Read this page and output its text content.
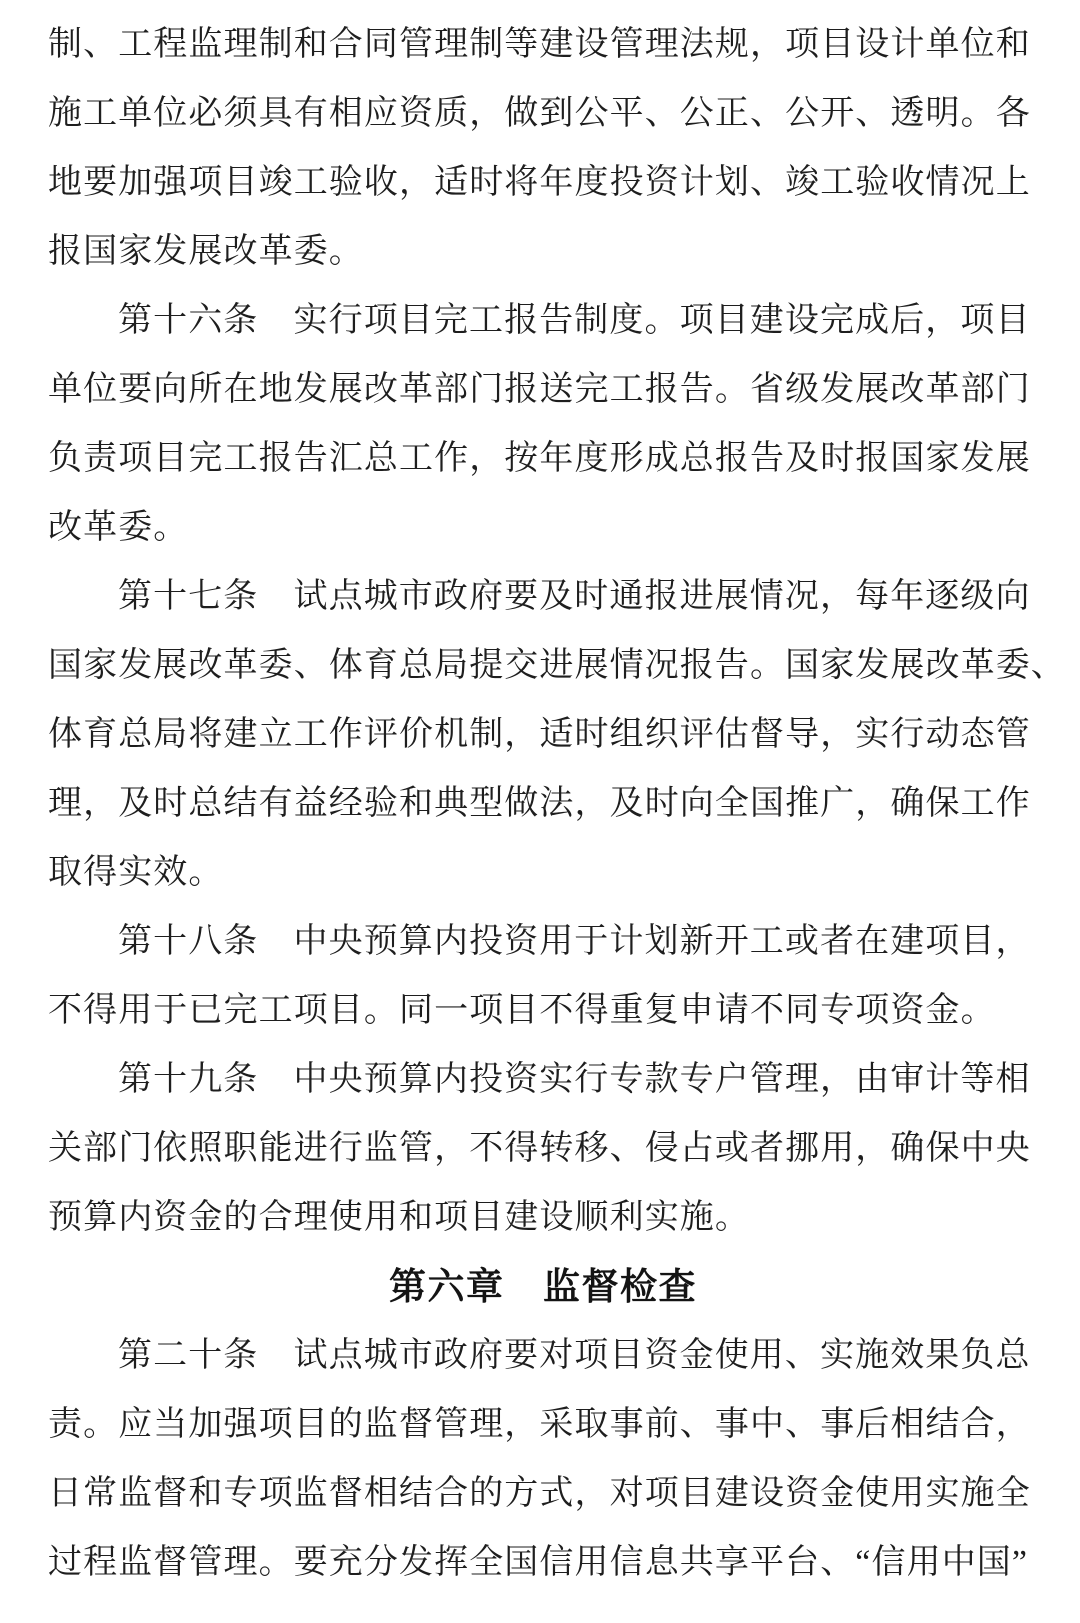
制、工程监理制和合同管理制等建设管理法规，项目设计单位和
施工单位必须具有相应资质，做到公平、公正、公开、透明。各
地要加强项目竣工验收，适时将年度投资计划、竣工验收情况上
报国家发展改革委。
第十六条　实行项目完工报告制度。项目建设完成后，项目
单位要向所在地发展改革部门报送完工报告。省级发展改革部门
负责项目完工报告汇总工作，按年度形成总报告及时报国家发展
改革委。
第十七条　试点城市政府要及时通报进展情况，每年逐级向
国家发展改革委、体育总局提交进展情况报告。国家发展改革委、
体育总局将建立工作评价机制，适时组织评估督导，实行动态管
理，及时总结有益经验和典型做法，及时向全国推广，确保工作
取得实效。
第十八条　中央预算内投资用于计划新开工或者在建项目，
不得用于已完工项目。同一项目不得重复申请不同专项资金。
第十九条　中央预算内投资实行专款专户管理，由审计等相
关部门依照职能进行监管，不得转移、侵占或者挪用，确保中央
预算内资金的合理使用和项目建设顺利实施。
第六章　监督检查
第二十条　试点城市政府要对项目资金使用、实施效果负总
责。应当加强项目的监督管理，采取事前、事中、事后相结合，
日常监督和专项监督相结合的方式，对项目建设资金使用实施全
过程监督管理。要充分发挥全国信用信息共享平台、“信用中国”
